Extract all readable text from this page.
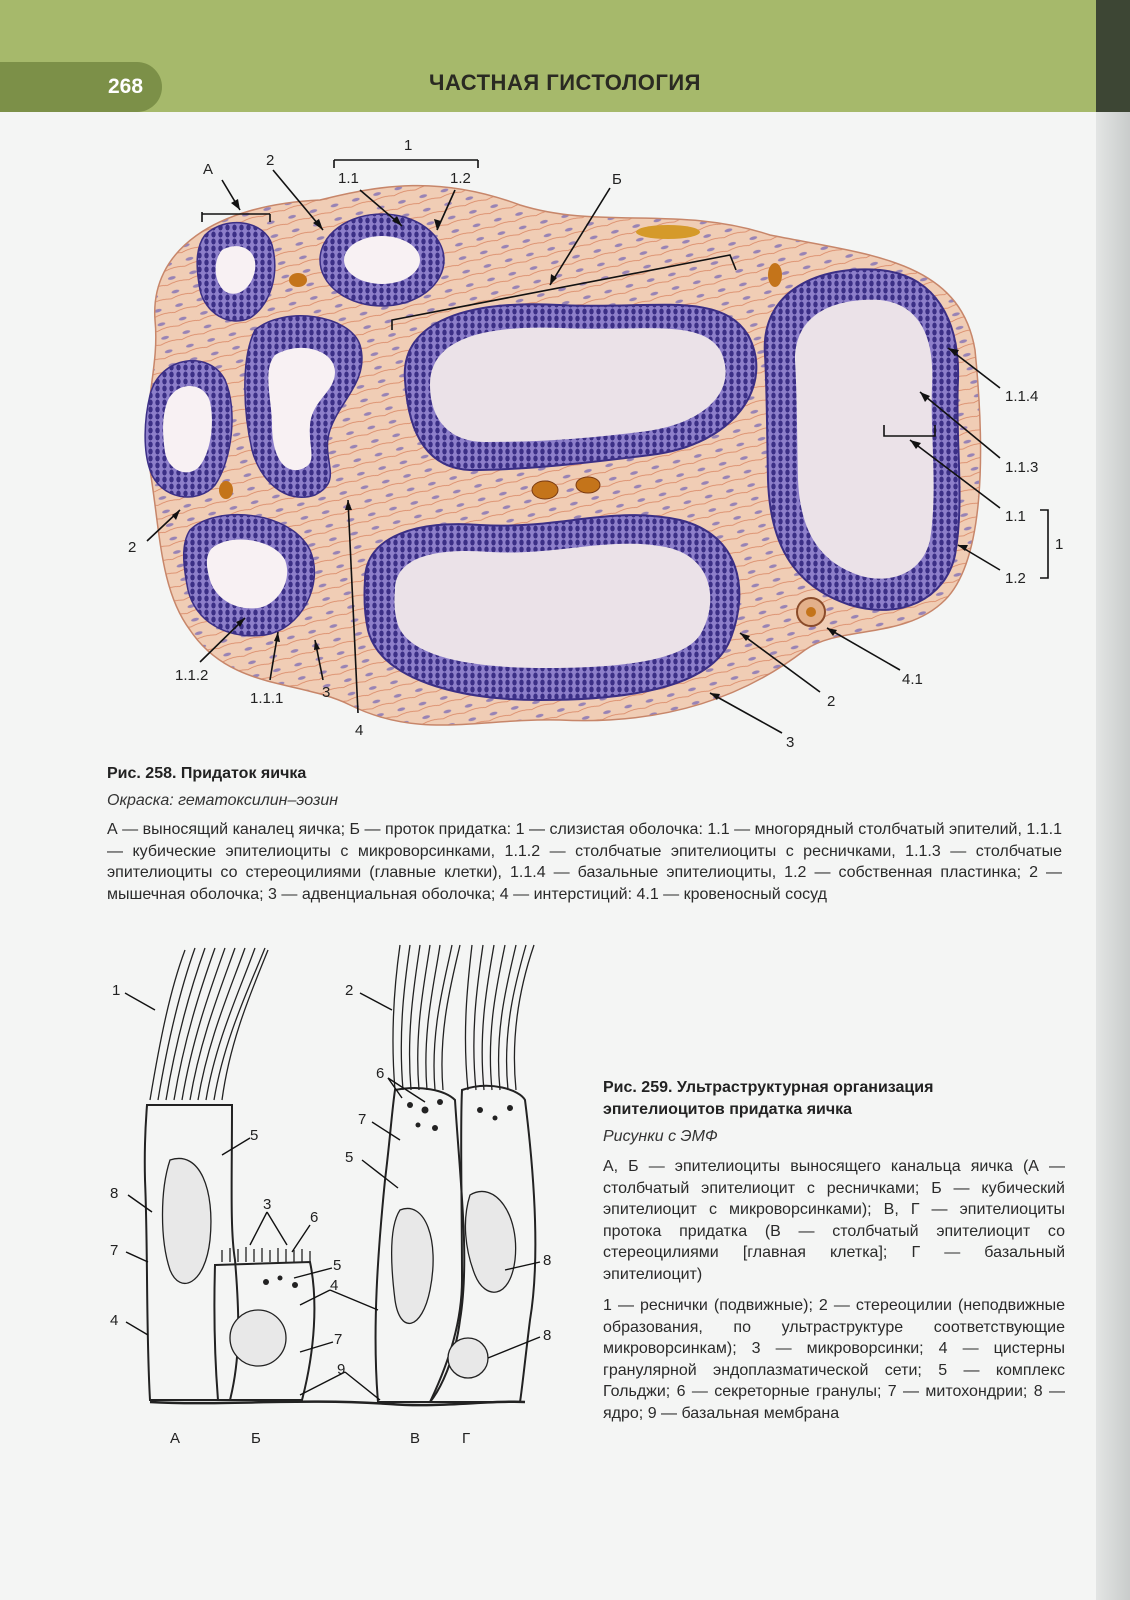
268	ЧАСТНАЯ ГИСТОЛОГИЯ
А
2
1
1.1	1.2	Б
1.1.4
1.1.3
1.1
1
1.2
2
1.1.2
1.1.1	3
4
2
3
4.1
Рис. 258. Придаток яичка
Окраска: гематоксилин–эозин
А — выносящий каналец яичка; Б — проток придатка: 1 — слизистая оболочка: 1.1 — многорядный столбчатый эпителий, 1.1.1 — кубические эпителиоциты с микроворсинками, 1.1.2 — столбчатые эпителиоциты с ресничками, 1.1.3 — столбчатые эпителиоциты со стереоцилиями (главные клетки), 1.1.4 — базальные эпителиоциты, 1.2 — собственная пластинка; 2 — мышечная оболочка; 3 — адвенциальная оболочка; 4 — интерстиций: 4.1 — кровеносный сосуд
1	2
5
8
3
6
7
5
4
4
7
9
6
7
5
8
8
А	Б	В	Г
Рис. 259. Ультраструктурная организация эпителиоцитов придатка яичка
Рисунки с ЭМФ
А, Б — эпителиоциты выносящего канальца яичка (А — столбчатый эпителиоцит с ресничками; Б — кубический эпителиоцит с микроворсинками); В, Г — эпителиоциты протока придатка (В — столбчатый эпителиоцит со стереоцилиями [главная клетка]; Г — базальный эпителиоцит)
1 — реснички (подвижные); 2 — стереоцилии (неподвижные образования, по ультраструктуре соответствующие микроворсинкам); 3 — микроворсинки; 4 — цистерны гранулярной эндоплазматической сети; 5 — комплекс Гольджи; 6 — секреторные гранулы; 7 — митохондрии; 8 — ядро; 9 — базальная мембрана
